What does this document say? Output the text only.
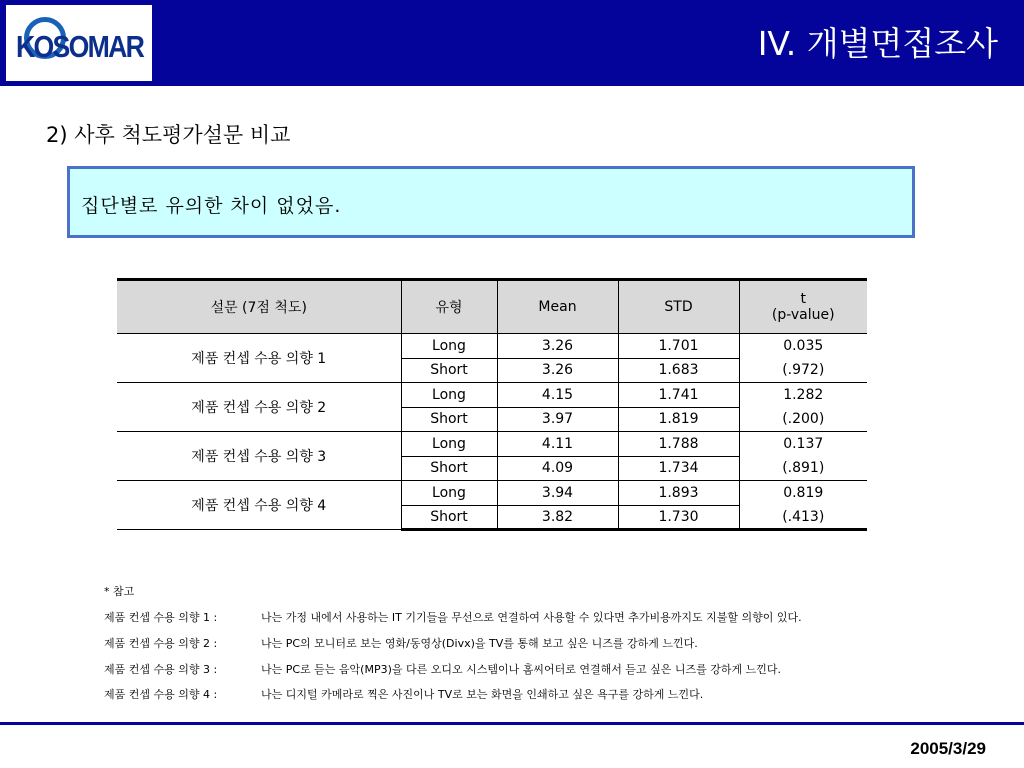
KOSOMAR	IV. 개별면접조사
2) 사후 척도평가설문 비교
집단별로 유의한 차이 없었음.
설문 (7점 척도)	유형	Mean	STD	t
(p-value)

제품 컨셉 수용 의향 1	Long	3.26	1.701	0.035
	Short	3.26	1.683	(.972)
제품 컨셉 수용 의향 2	Long	4.15	1.741	1.282
	Short	3.97	1.819	(.200)
제품 컨셉 수용 의향 3	Long	4.11	1.788	0.137
	Short	4.09	1.734	(.891)
제품 컨셉 수용 의향 4	Long	3.94	1.893	0.819
	Short	3.82	1.730	(.413)
* 참고
제품 컨셉 수용 의향 1 :	나는 가정 내에서 사용하는 IT 기기들을 무선으로 연결하여 사용할 수 있다면 추가비용까지도 지불할 의향이 있다.
제품 컨셉 수용 의향 2 :	나는 PC의 모니터로 보는 영화/동영상(Divx)을 TV를 통해 보고 싶은 니즈를 강하게 느낀다.
제품 컨셉 수용 의향 3 :	나는 PC로 듣는 음악(MP3)을 다른 오디오 시스템이나 홈씨어터로 연결해서 듣고 싶은 니즈를 강하게 느낀다.
제품 컨셉 수용 의향 4 :	나는 디지털 카메라로 찍은 사진이나 TV로 보는 화면을 인쇄하고 싶은 욕구를 강하게 느낀다.
2005/3/29
